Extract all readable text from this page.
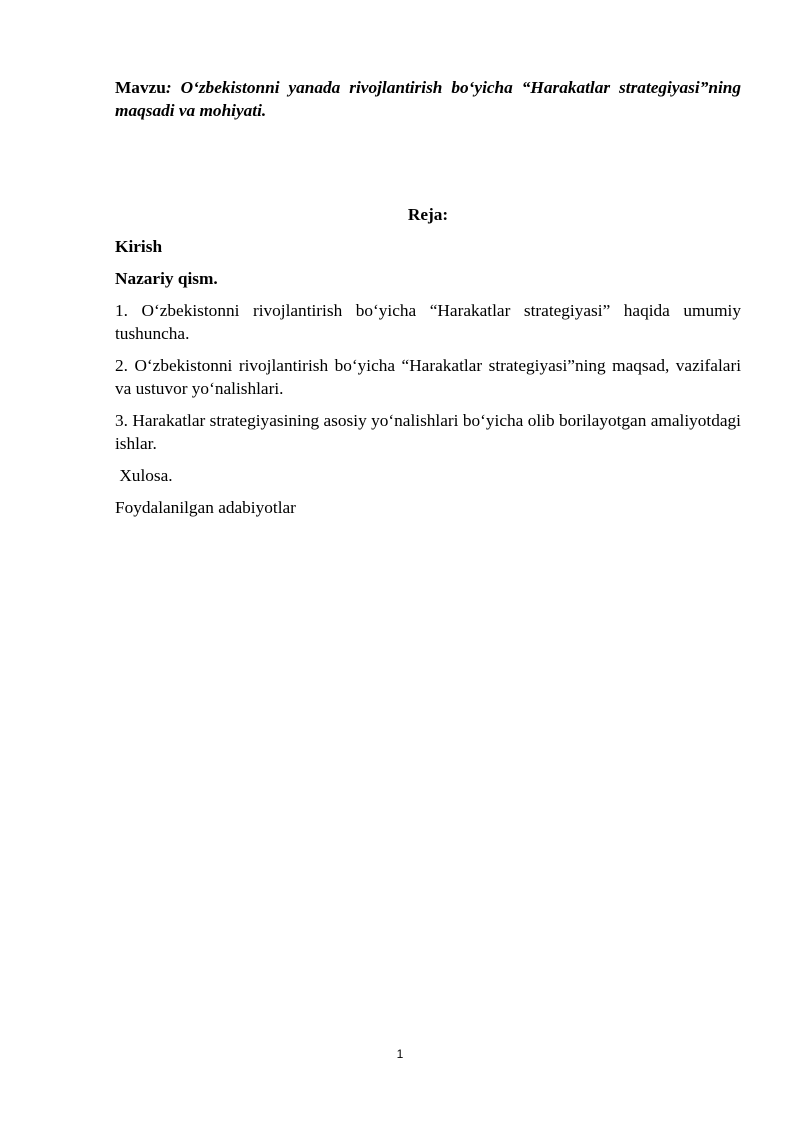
Mavzu: O‘zbekistonni yanada rivojlantirish bo‘yicha “Harakatlar strategiyasi”ning maqsadi va mohiyati.

Reja:

Kirish

Nazariy qism.

1. O‘zbekistonni rivojlantirish bo‘yicha “Harakatlar strategiyasi” haqida umumiy tushuncha.

2. O‘zbekistonni rivojlantirish bo‘yicha “Harakatlar strategiyasi”ning maqsad, vazifalari va ustuvor yo‘nalishlari.

3. Harakatlar strategiyasining asosiy yo‘nalishlari bo‘yicha olib borilayotgan amaliyotdagi ishlar.

Xulosa.

Foydalanilgan adabiyotlar

1
